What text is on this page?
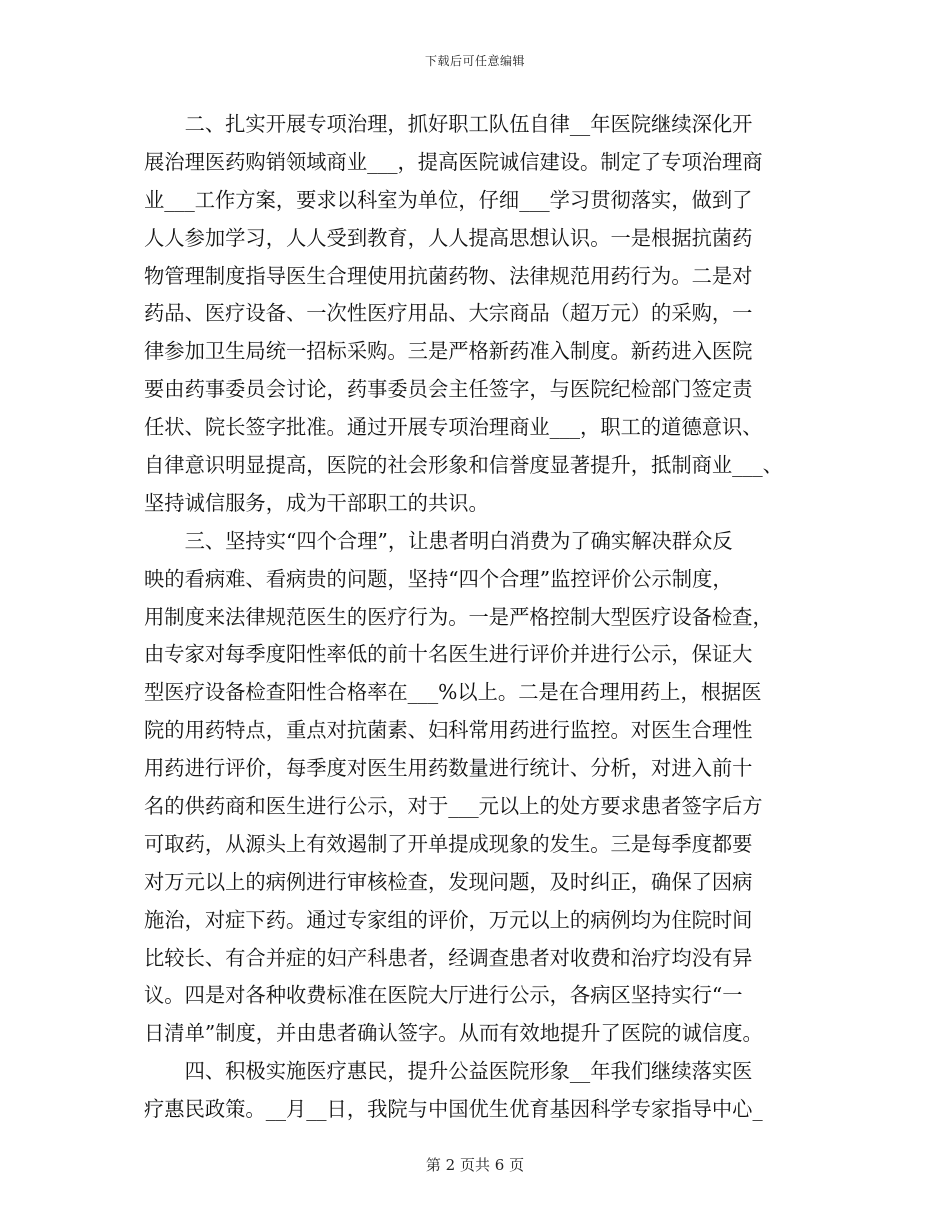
下载后可任意编辑
　　二、扎实开展专项治理，抓好职工队伍自律__年医院继续深化开
展治理医药购销领域商业___，提高医院诚信建设。制定了专项治理商
业___工作方案，要求以科室为单位，仔细___学习贯彻落实，做到了
人人参加学习，人人受到教育，人人提高思想认识。一是根据抗菌药
物管理制度指导医生合理使用抗菌药物、法律规范用药行为。二是对
药品、医疗设备、一次性医疗用品、大宗商品（超万元）的采购，一
律参加卫生局统一招标采购。三是严格新药准入制度。新药进入医院
要由药事委员会讨论，药事委员会主任签字，与医院纪检部门签定责
任状、院长签字批准。通过开展专项治理商业___，职工的道德意识、
自律意识明显提高，医院的社会形象和信誉度显著提升，抵制商业___、
坚持诚信服务，成为干部职工的共识。
　　三、坚持实“四个合理”，让患者明白消费为了确实解决群众反
映的看病难、看病贵的问题，坚持“四个合理”监控评价公示制度，
用制度来法律规范医生的医疗行为。一是严格控制大型医疗设备检查，
由专家对每季度阳性率低的前十名医生进行评价并进行公示，保证大
型医疗设备检查阳性合格率在___%以上。二是在合理用药上，根据医
院的用药特点，重点对抗菌素、妇科常用药进行监控。对医生合理性
用药进行评价，每季度对医生用药数量进行统计、分析，对进入前十
名的供药商和医生进行公示，对于___元以上的处方要求患者签字后方
可取药，从源头上有效遏制了开单提成现象的发生。三是每季度都要
对万元以上的病例进行审核检查，发现问题，及时纠正，确保了因病
施治，对症下药。通过专家组的评价，万元以上的病例均为住院时间
比较长、有合并症的妇产科患者，经调查患者对收费和治疗均没有异
议。四是对各种收费标准在医院大厅进行公示，各病区坚持实行“一
日清单”制度，并由患者确认签字。从而有效地提升了医院的诚信度。
　　四、积极实施医疗惠民，提升公益医院形象__年我们继续落实医
疗惠民政策。__月__日，我院与中国优生优育基因科学专家指导中心_
第 2 页共 6 页
